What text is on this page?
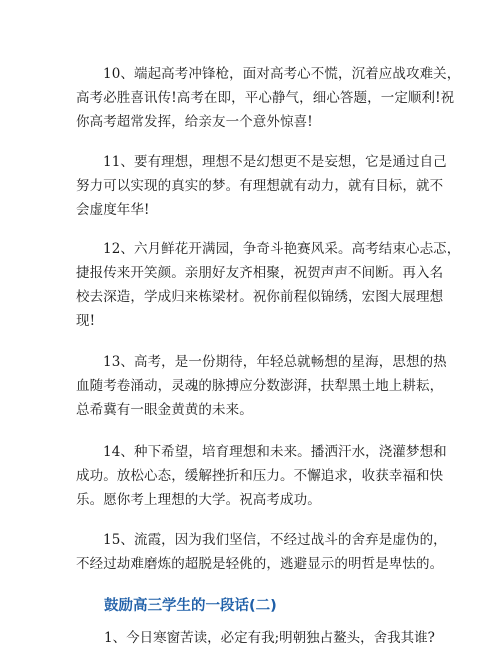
10、端起高考冲锋枪，面对高考心不慌，沉着应战攻难关，
高考必胜喜讯传!高考在即，平心静气，细心答题，一定顺利!祝
你高考超常发挥，给亲友一个意外惊喜!
11、要有理想，理想不是幻想更不是妄想，它是通过自己
努力可以实现的真实的梦。有理想就有动力，就有目标，就不
会虚度年华!
12、六月鲜花开满园，争奇斗艳赛风采。高考结束心忐忑，
捷报传来开笑颜。亲朋好友齐相聚，祝贺声声不间断。再入名
校去深造，学成归来栋梁材。祝你前程似锦绣，宏图大展理想
现!
13、高考，是一份期待，年轻总就畅想的星海，思想的热
血随考卷涌动，灵魂的脉搏应分数澎湃，扶犁黑土地上耕耘，
总希冀有一眼金黄黄的未来。
14、种下希望，培育理想和未来。播洒汗水，浇灌梦想和
成功。放松心态，缓解挫折和压力。不懈追求，收获幸福和快
乐。愿你考上理想的大学。祝高考成功。
15、流霞，因为我们坚信，不经过战斗的舍弃是虚伪的，
不经过劫难磨炼的超脱是轻佻的，逃避显示的明哲是卑怯的。
鼓励高三学生的一段话(二)
1、今日寒窗苦读，必定有我;明朝独占鳌头，舍我其谁?
